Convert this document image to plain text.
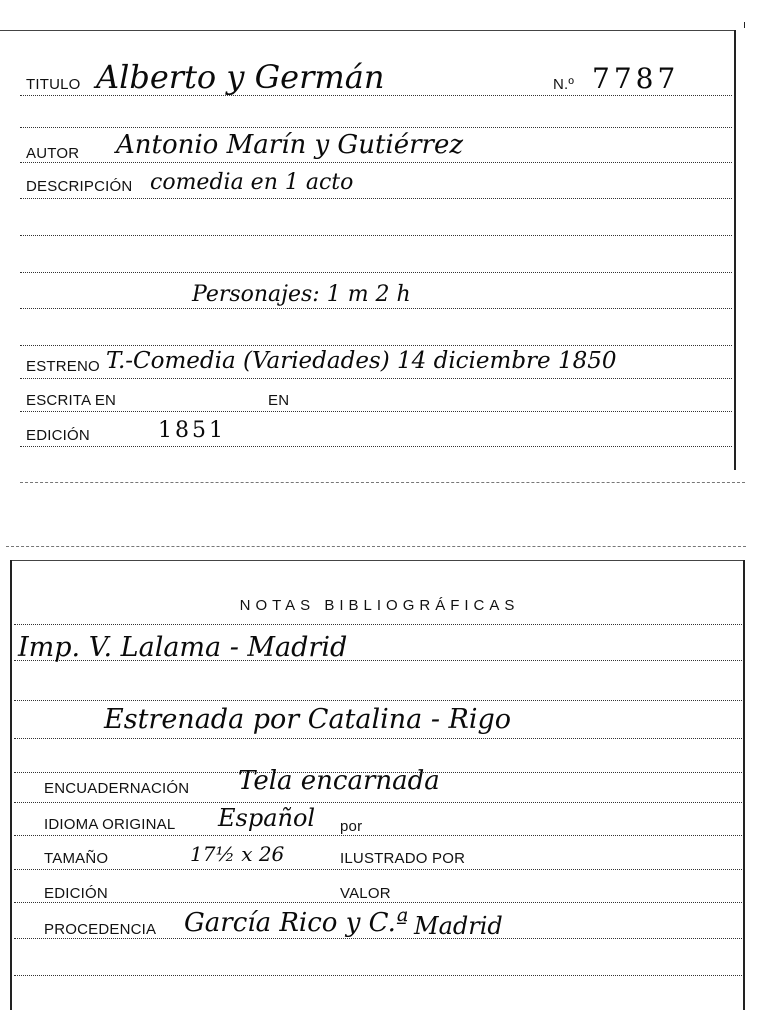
TITULO Alberto y Germán	N.º 7787
AUTOR Antonio Marín y Gutiérrez
DESCRIPCIÓN comedia en 1 acto
Personajes: 1 m 2 h
ESTRENO T.-Comedia (Variedades) 14 diciembre 1850
ESCRITA EN	EN
EDICIÓN	1851
NOTAS BIBLIOGRÁFICAS
Imp. V. Lalama - Madrid
Estrenada por Catalina - Rigo
ENCUADERNACIÓN Tela encarnada
IDIOMA ORIGINAL Español por
TAMAÑO	17½ x 26	ILUSTRADO POR
EDICIÓN	VALOR
PROCEDENCIA García Rico y C.ª Madrid
